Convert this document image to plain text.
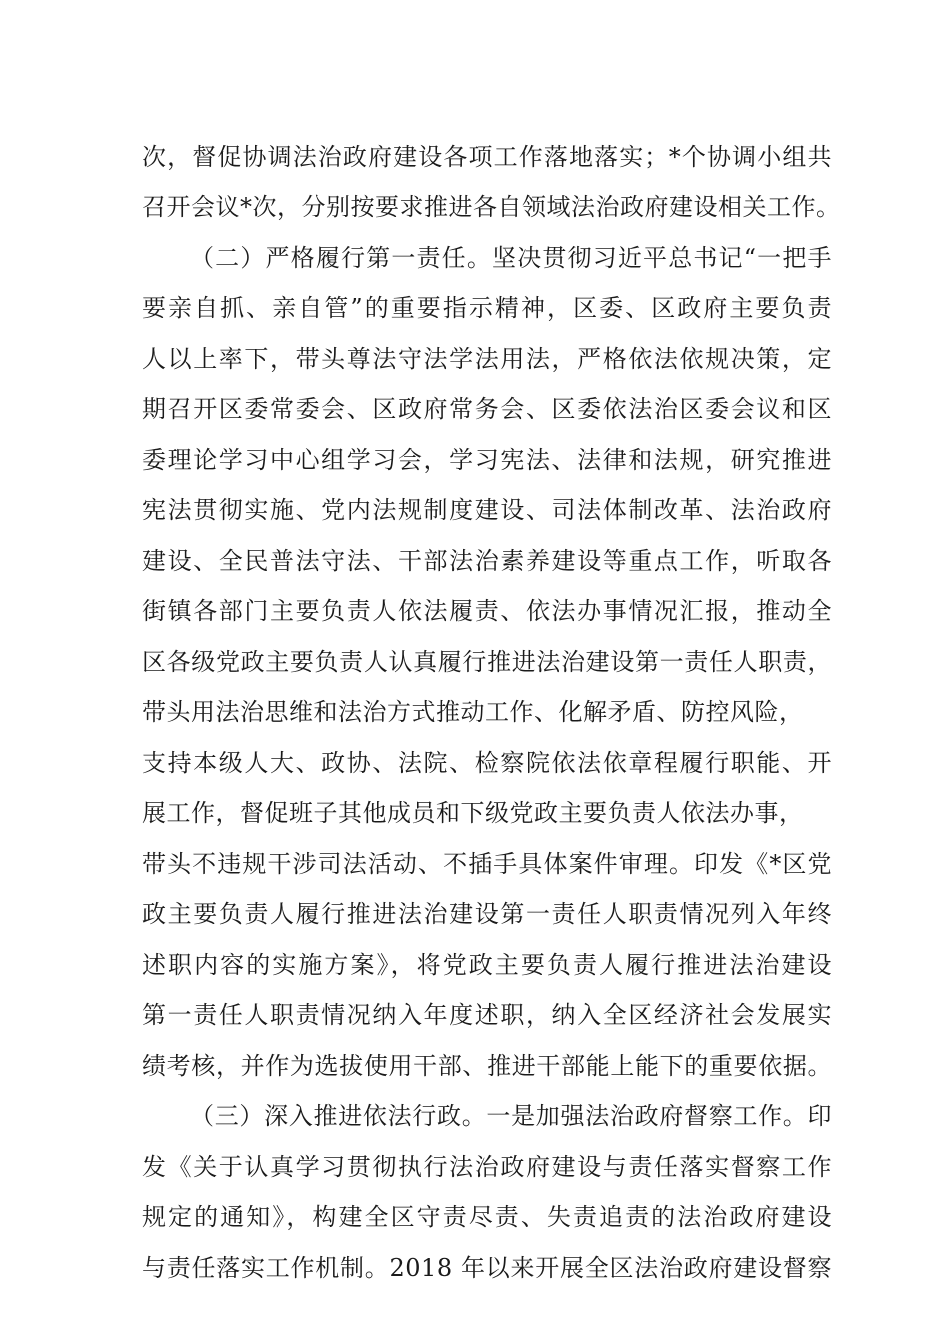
次，督促协调法治政府建设各项工作落地落实；*个协调小组共
召开会议*次，分别按要求推进各自领域法治政府建设相关工作。
（二）严格履行第一责任。坚决贯彻习近平总书记“一把手
要亲自抓、亲自管”的重要指示精神，区委、区政府主要负责
人以上率下，带头尊法守法学法用法，严格依法依规决策，定
期召开区委常委会、区政府常务会、区委依法治区委会议和区
委理论学习中心组学习会，学习宪法、法律和法规，研究推进
宪法贯彻实施、党内法规制度建设、司法体制改革、法治政府
建设、全民普法守法、干部法治素养建设等重点工作，听取各
街镇各部门主要负责人依法履责、依法办事情况汇报，推动全
区各级党政主要负责人认真履行推进法治建设第一责任人职责，
带头用法治思维和法治方式推动工作、化解矛盾、防控风险，
支持本级人大、政协、法院、检察院依法依章程履行职能、开
展工作，督促班子其他成员和下级党政主要负责人依法办事，
带头不违规干涉司法活动、不插手具体案件审理。印发《*区党
政主要负责人履行推进法治建设第一责任人职责情况列入年终
述职内容的实施方案》，将党政主要负责人履行推进法治建设
第一责任人职责情况纳入年度述职，纳入全区经济社会发展实
绩考核，并作为选拔使用干部、推进干部能上能下的重要依据。
（三）深入推进依法行政。一是加强法治政府督察工作。印
发《关于认真学习贯彻执行法治政府建设与责任落实督察工作
规定的通知》，构建全区守责尽责、失责追责的法治政府建设
与责任落实工作机制。2018 年以来开展全区法治政府建设督察
